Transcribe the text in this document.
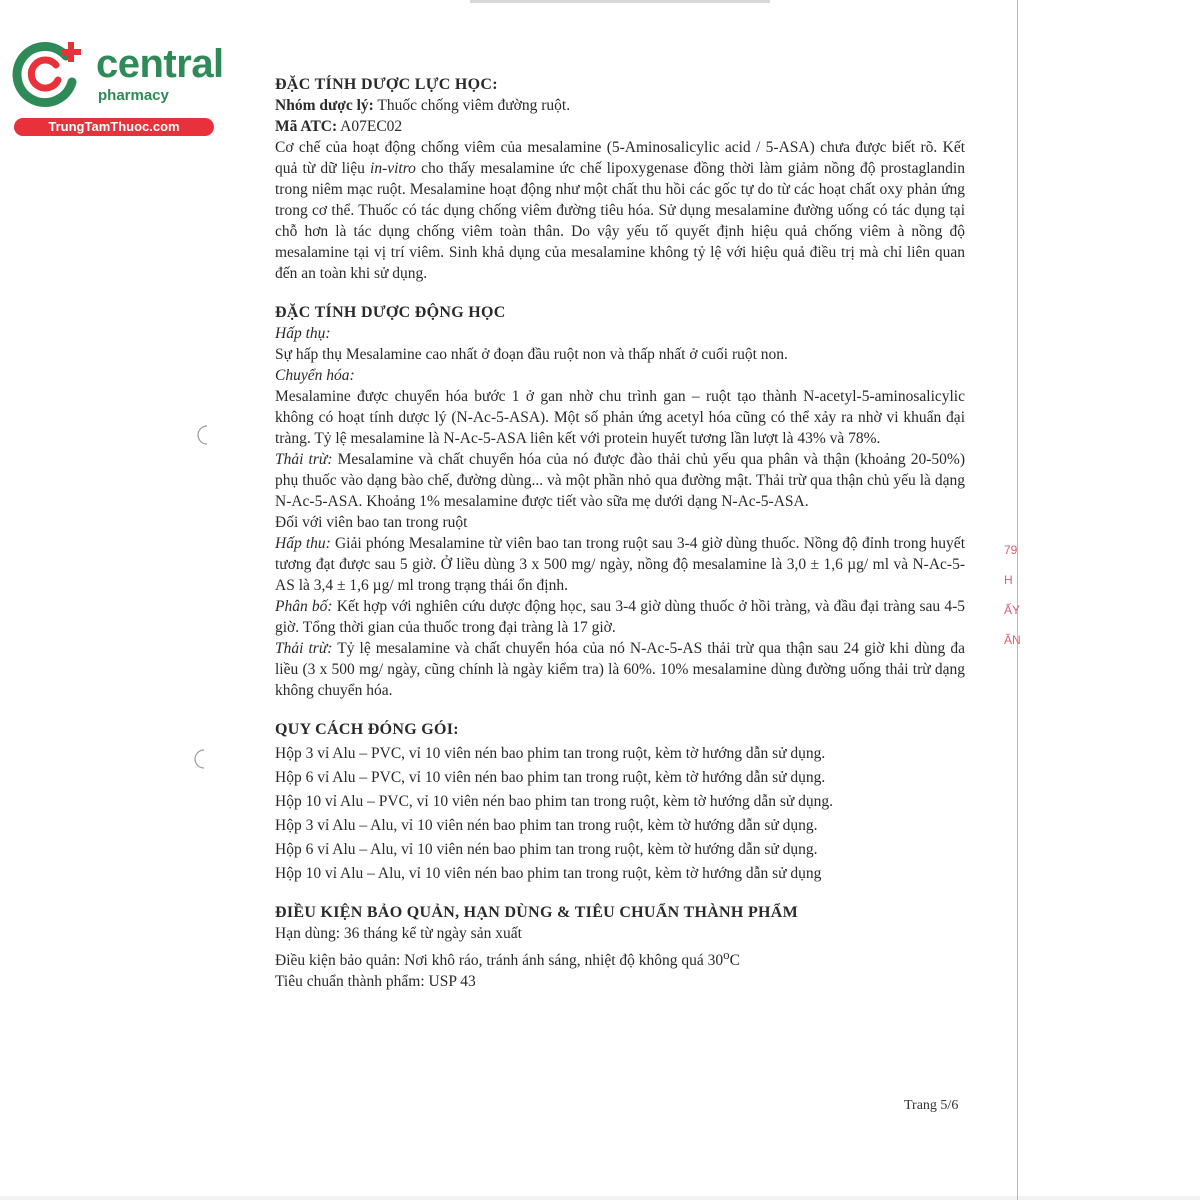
central
pharmacy
TrungTamThuoc.com
79
H
ẤY
ĂN

ĐẶC TÍNH DƯỢC LỰC HỌC:

Nhóm dược lý: Thuốc chống viêm đường ruột.

Mã ATC: A07EC02

Cơ chế của hoạt động chống viêm của mesalamine (5-Aminosalicylic acid / 5-ASA) chưa được biết rõ. Kết quả từ dữ liệu in-vitro cho thấy mesalamine ức chế lipoxygenase đồng thời làm giảm nồng độ prostaglandin trong niêm mạc ruột. Mesalamine hoạt động như một chất thu hồi các gốc tự do từ các hoạt chất oxy phản ứng trong cơ thể. Thuốc có tác dụng chống viêm đường tiêu hóa. Sử dụng mesalamine đường uống có tác dụng tại chỗ hơn là tác dụng chống viêm toàn thân. Do vậy yếu tố quyết định hiệu quả chống viêm à nồng độ mesalamine tại vị trí viêm. Sinh khả dụng của mesalamine không tỷ lệ với hiệu quả điều trị mà chỉ liên quan đến an toàn khi sử dụng.

ĐẶC TÍNH DƯỢC ĐỘNG HỌC

Hấp thụ:

Sự hấp thụ Mesalamine cao nhất ở đoạn đầu ruột non và thấp nhất ở cuối ruột non.

Chuyển hóa:

Mesalamine được chuyển hóa bước 1 ở gan nhờ chu trình gan – ruột tạo thành N-acetyl-5-aminosalicylic không có hoạt tính dược lý (N-Ac-5-ASA). Một số phản ứng acetyl hóa cũng có thể xảy ra nhờ vi khuẩn đại tràng. Tỷ lệ mesalamine là N-Ac-5-ASA liên kết với protein huyết tương lần lượt là 43% và 78%.

Thải trừ: Mesalamine và chất chuyển hóa của nó được đào thải chủ yếu qua phân và thận (khoảng 20-50%) phụ thuốc vào dạng bào chế, đường dùng... và một phần nhỏ qua đường mật. Thải trừ qua thận chủ yếu là dạng N-Ac-5-ASA. Khoảng 1% mesalamine được tiết vào sữa mẹ dưới dạng N-Ac-5-ASA.

Đối với viên bao tan trong ruột

Hấp thu: Giải phóng Mesalamine từ viên bao tan trong ruột sau 3-4 giờ dùng thuốc. Nồng độ đỉnh trong huyết tương đạt được sau 5 giờ. Ở liều dùng 3 x 500 mg/ ngày, nồng độ mesalamine là 3,0 ± 1,6 µg/ ml và N-Ac-5-AS là 3,4 ± 1,6 µg/ ml trong trạng thái ổn định.

Phân bố: Kết hợp với nghiên cứu dược động học, sau 3-4 giờ dùng thuốc ở hồi tràng, và đầu đại tràng sau 4-5 giờ. Tổng thời gian của thuốc trong đại tràng là 17 giờ.

Thải trừ: Tỷ lệ mesalamine và chất chuyển hóa của nó N-Ac-5-AS thải trừ qua thận sau 24 giờ khi dùng đa liều (3 x 500 mg/ ngày, cũng chính là ngày kiểm tra) là 60%. 10% mesalamine dùng đường uống thải trừ dạng không chuyển hóa.

QUY CÁCH ĐÓNG GÓI:

Hộp 3 vỉ Alu – PVC, vỉ 10 viên nén bao phim tan trong ruột, kèm tờ hướng dẫn sử dụng.

Hộp 6 vỉ Alu – PVC, vỉ 10 viên nén bao phim tan trong ruột, kèm tờ hướng dẫn sử dụng.

Hộp 10 vỉ Alu – PVC, vỉ 10 viên nén bao phim tan trong ruột, kèm tờ hướng dẫn sử dụng.

Hộp 3 vỉ Alu – Alu, vỉ 10 viên nén bao phim tan trong ruột, kèm tờ hướng dẫn sử dụng.

Hộp 6 vỉ Alu – Alu, vỉ 10 viên nén bao phim tan trong ruột, kèm tờ hướng dẫn sử dụng.

Hộp 10 vỉ Alu – Alu, vỉ 10 viên nén bao phim tan trong ruột, kèm tờ hướng dẫn sử dụng

ĐIỀU KIỆN BẢO QUẢN, HẠN DÙNG & TIÊU CHUẨN THÀNH PHẨM

Hạn dùng: 36 tháng kể từ ngày sản xuất

Điều kiện bảo quản: Nơi khô ráo, tránh ánh sáng, nhiệt độ không quá 30$^o$C

Tiêu chuẩn thành phẩm: USP 43

Trang 5/6
